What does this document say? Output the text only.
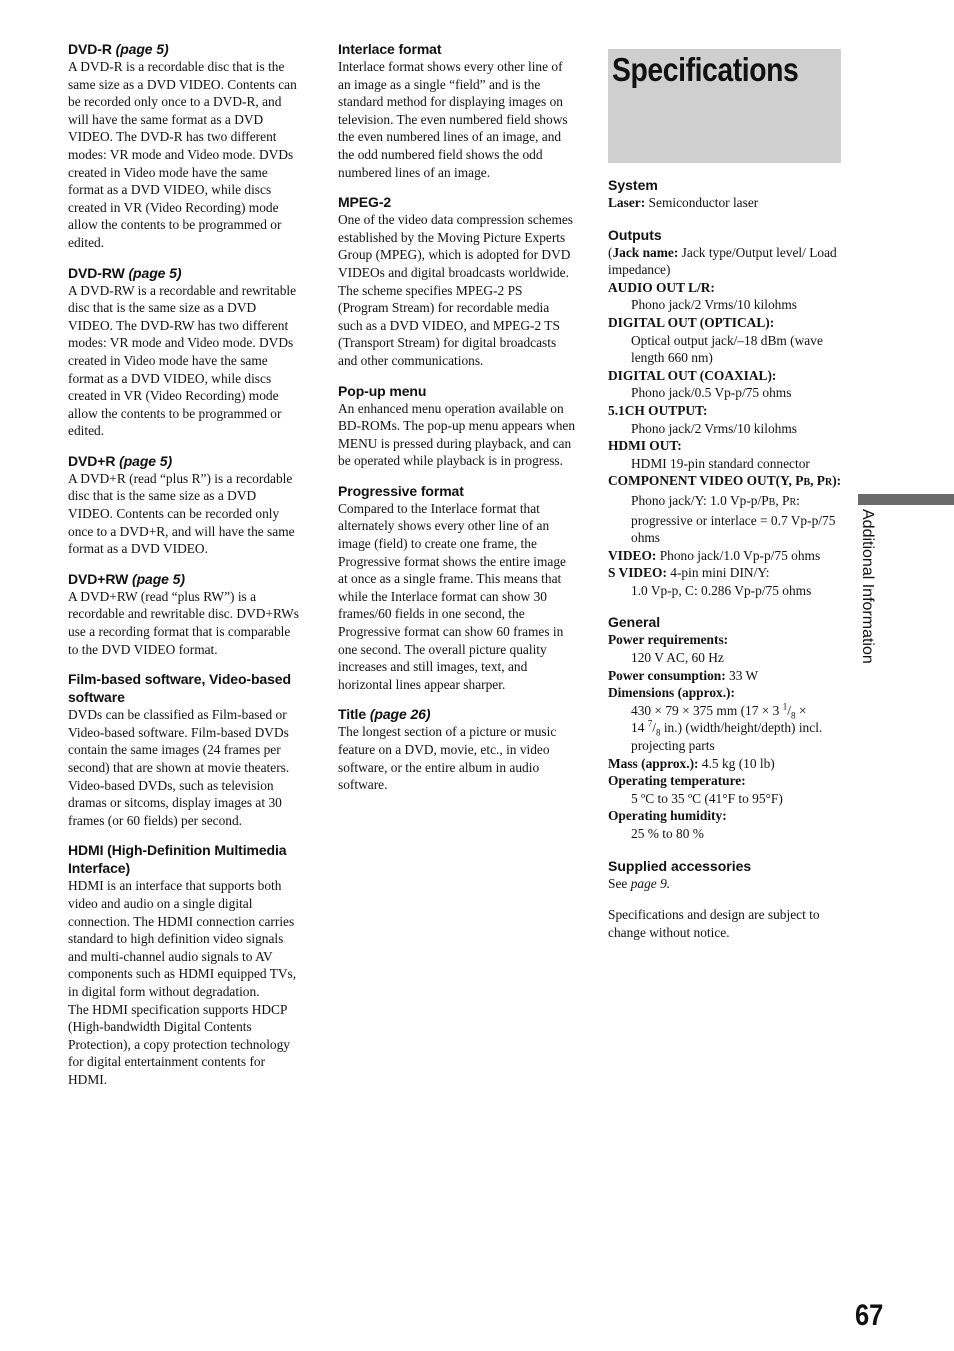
DVD-R (page 5)

A DVD-R is a recordable disc that is the same size as a DVD VIDEO. Contents can be recorded only once to a DVD-R, and will have the same format as a DVD VIDEO. The DVD-R has two different modes: VR mode and Video mode. DVDs created in Video mode have the same format as a DVD VIDEO, while discs created in VR (Video Recording) mode allow the contents to be programmed or edited.

DVD-RW (page 5)

A DVD-RW is a recordable and rewritable disc that is the same size as a DVD VIDEO. The DVD-RW has two different modes: VR mode and Video mode. DVDs created in Video mode have the same format as a DVD VIDEO, while discs created in VR (Video Recording) mode allow the contents to be programmed or edited.

DVD+R (page 5)

A DVD+R (read “plus R”) is a recordable disc that is the same size as a DVD VIDEO. Contents can be recorded only once to a DVD+R, and will have the same format as a DVD VIDEO.

DVD+RW (page 5)

A DVD+RW (read “plus RW”) is a recordable and rewritable disc. DVD+RWs use a recording format that is comparable to the DVD VIDEO format.

Film-based software, Video-based software

DVDs can be classified as Film-based or Video-based software. Film-based DVDs contain the same images (24 frames per second) that are shown at movie theaters. Video-based DVDs, such as television dramas or sitcoms, display images at 30 frames (or 60 fields) per second.

HDMI (High-Definition Multimedia Interface)

HDMI is an interface that supports both video and audio on a single digital connection. The HDMI connection carries standard to high definition video signals and multi-channel audio signals to AV components such as HDMI equipped TVs, in digital form without degradation.

The HDMI specification supports HDCP (High-bandwidth Digital Contents Protection), a copy protection technology for digital entertainment contents for HDMI.

Interlace format

Interlace format shows every other line of an image as a single “field” and is the standard method for displaying images on television. The even numbered field shows the even numbered lines of an image, and the odd numbered field shows the odd numbered lines of an image.

MPEG-2

One of the video data compression schemes established by the Moving Picture Experts Group (MPEG), which is adopted for DVD VIDEOs and digital broadcasts worldwide. The scheme specifies MPEG-2 PS (Program Stream) for recordable media such as a DVD VIDEO, and MPEG-2 TS (Transport Stream) for digital broadcasts and other communications.

Pop-up menu

An enhanced menu operation available on BD-ROMs. The pop-up menu appears when MENU is pressed during playback, and can be operated while playback is in progress.

Progressive format

Compared to the Interlace format that alternately shows every other line of an image (field) to create one frame, the Progressive format shows the entire image at once as a single frame. This means that while the Interlace format can show 30 frames/60 fields in one second, the Progressive format can show 60 frames in one second. The overall picture quality increases and still images, text, and horizontal lines appear sharper.

Title (page 26)

The longest section of a picture or music feature on a DVD, movie, etc., in video software, or the entire album in audio software.

Specifications

System

Laser: Semiconductor laser

Outputs

(Jack name: Jack type/Output level/ Load impedance)

AUDIO OUT L/R:

Phono jack/2 Vrms/10 kilohms

DIGITAL OUT (OPTICAL):

Optical output jack/–18 dBm (wave length 660 nm)

DIGITAL OUT (COAXIAL):

Phono jack/0.5 Vp-p/75 ohms

5.1CH OUTPUT:

Phono jack/2 Vrms/10 kilohms

HDMI OUT:

HDMI 19-pin standard connector

COMPONENT VIDEO OUT(Y, PB, PR):

Phono jack/Y: 1.0 Vp-p/PB, PR: progressive or interlace = 0.7 Vp-p/75 ohms

VIDEO: Phono jack/1.0 Vp-p/75 ohms

S VIDEO: 4-pin mini DIN/Y:

1.0 Vp-p, C: 0.286 Vp-p/75 ohms

General

Power requirements:

120 V AC, 60 Hz

Power consumption: 33 W

Dimensions (approx.):

430 × 79 × 375 mm (17 × 3 $^1/_8$ ×
14 $^7/_8$ in.) (width/height/depth) incl. projecting parts

Mass (approx.): 4.5 kg (10 lb)

Operating temperature:

5 ºC to 35 ºC (41°F to 95°F)

Operating humidity:

25 % to 80 %

Supplied accessories

See page 9.

Specifications and design are subject to change without notice.

Additional Information
67
